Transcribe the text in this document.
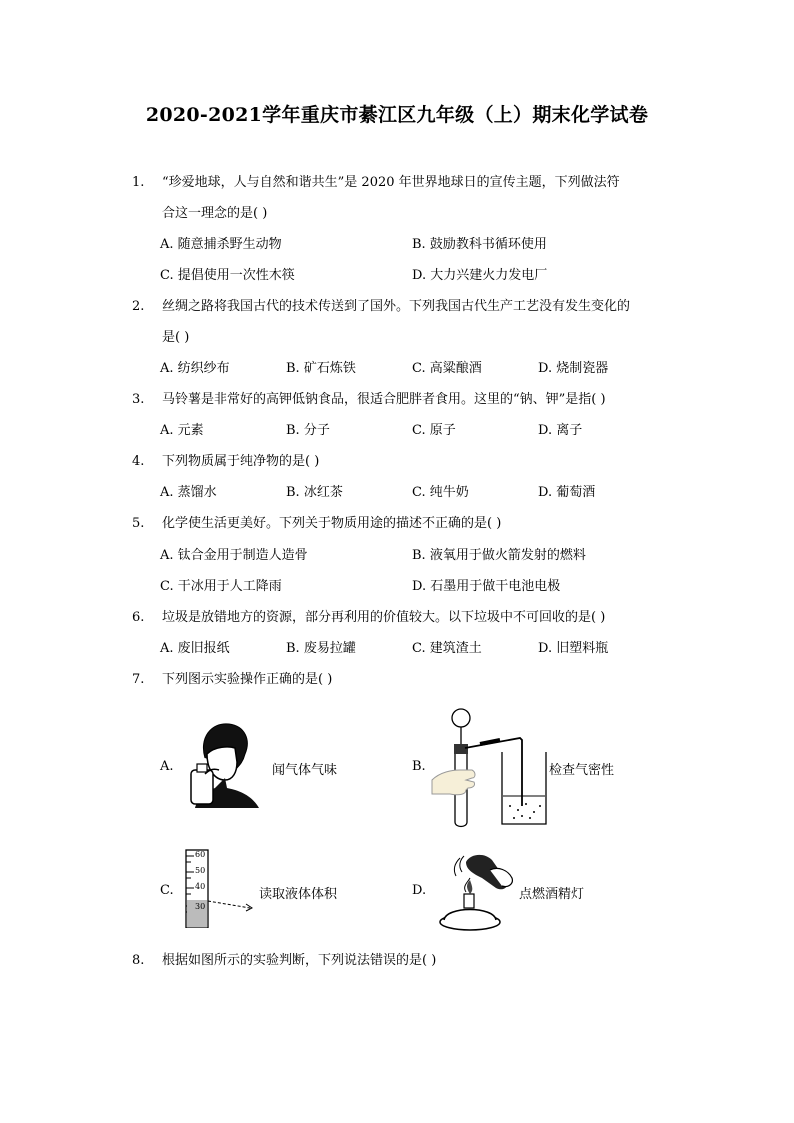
2020-2021学年重庆市綦江区九年级（上）期末化学试卷
1. “珍爱地球，人与自然和谐共生”是 2020 年世界地球日的宣传主题，下列做法符
合这一理念的是( )
A. 随意捕杀野生动物	B. 鼓励教科书循环使用
C. 提倡使用一次性木筷	D. 大力兴建火力发电厂
2. 丝绸之路将我国古代的技术传送到了国外。下列我国古代生产工艺没有发生变化的
是( )
A. 纺织纱布	B. 矿石炼铁	C. 高粱酿酒	D. 烧制瓷器
3. 马铃薯是非常好的高钾低钠食品，很适合肥胖者食用。这里的“钠、钾”是指( )
A. 元素	B. 分子	C. 原子	D. 离子
4. 下列物质属于纯净物的是( )
A. 蒸馏水	B. 冰红茶	C. 纯牛奶	D. 葡萄酒
5. 化学使生活更美好。下列关于物质用途的描述不正确的是( )
A. 钛合金用于制造人造骨	B. 液氧用于做火箭发射的燃料
C. 干冰用于人工降雨	D. 石墨用于做干电池电极
6. 垃圾是放错地方的资源，部分再利用的价值较大。以下垃圾中不可回收的是( )
A. 废旧报纸	B. 废易拉罐	C. 建筑渣土	D. 旧塑料瓶
7. 下列图示实验操作正确的是( )
A.	闻气体气味	B.	检查气密性
C.
60
50
40
30
读取液体体积	D.	点燃酒精灯
8. 根据如图所示的实验判断，下列说法错误的是( )
